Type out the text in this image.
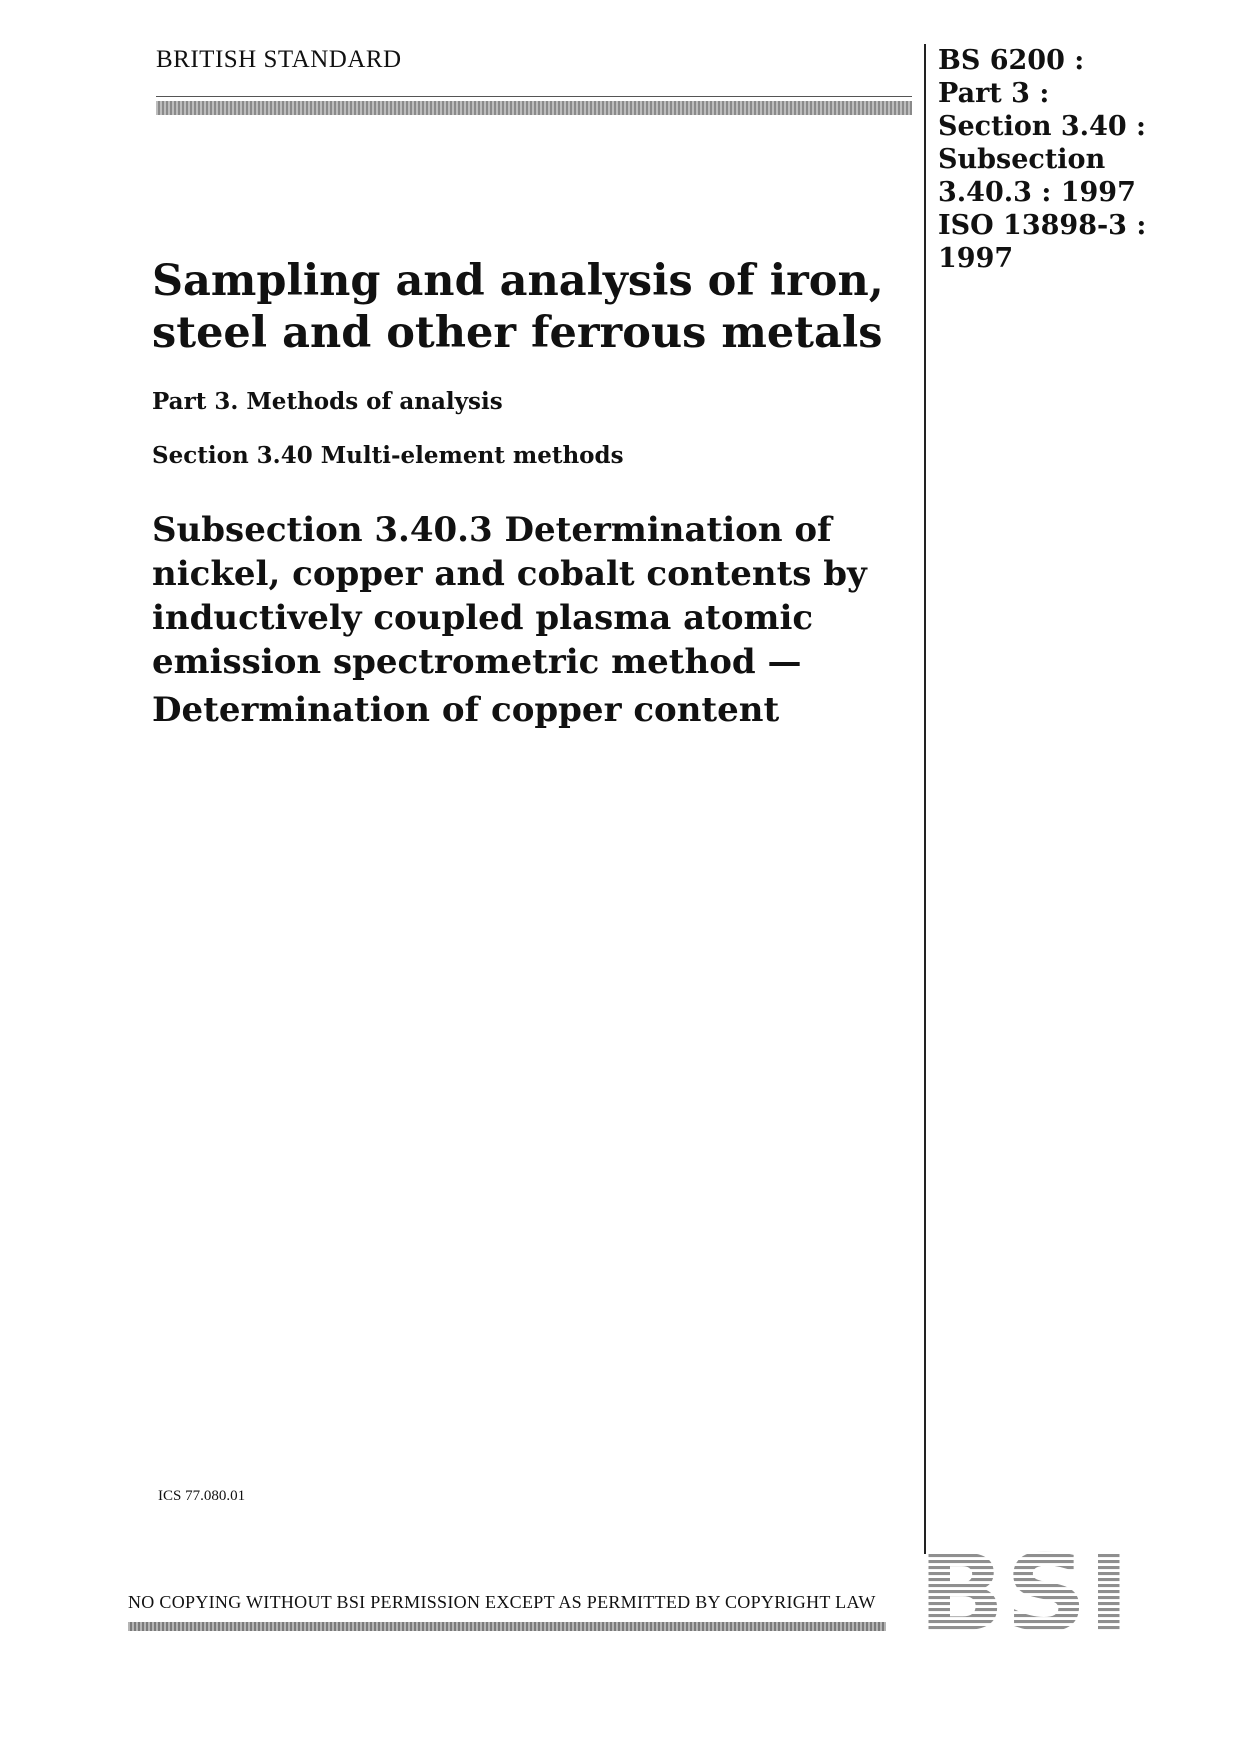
BRITISH STANDARD	BS 6200 :
Part 3 :
Section 3.40 :
Subsection
3.40.3 : 1997
ISO 13898-3 :
1997
Sampling and analysis of iron, steel and other ferrous metals
Part 3. Methods of analysis
Section 3.40 Multi-element methods
Subsection 3.40.3 Determination of nickel, copper and cobalt contents by inductively coupled plasma atomic emission spectrometric method —
Determination of copper content
ICS 77.080.01
NO COPYING WITHOUT BSI PERMISSION EXCEPT AS PERMITTED BY COPYRIGHT LAW BSI
